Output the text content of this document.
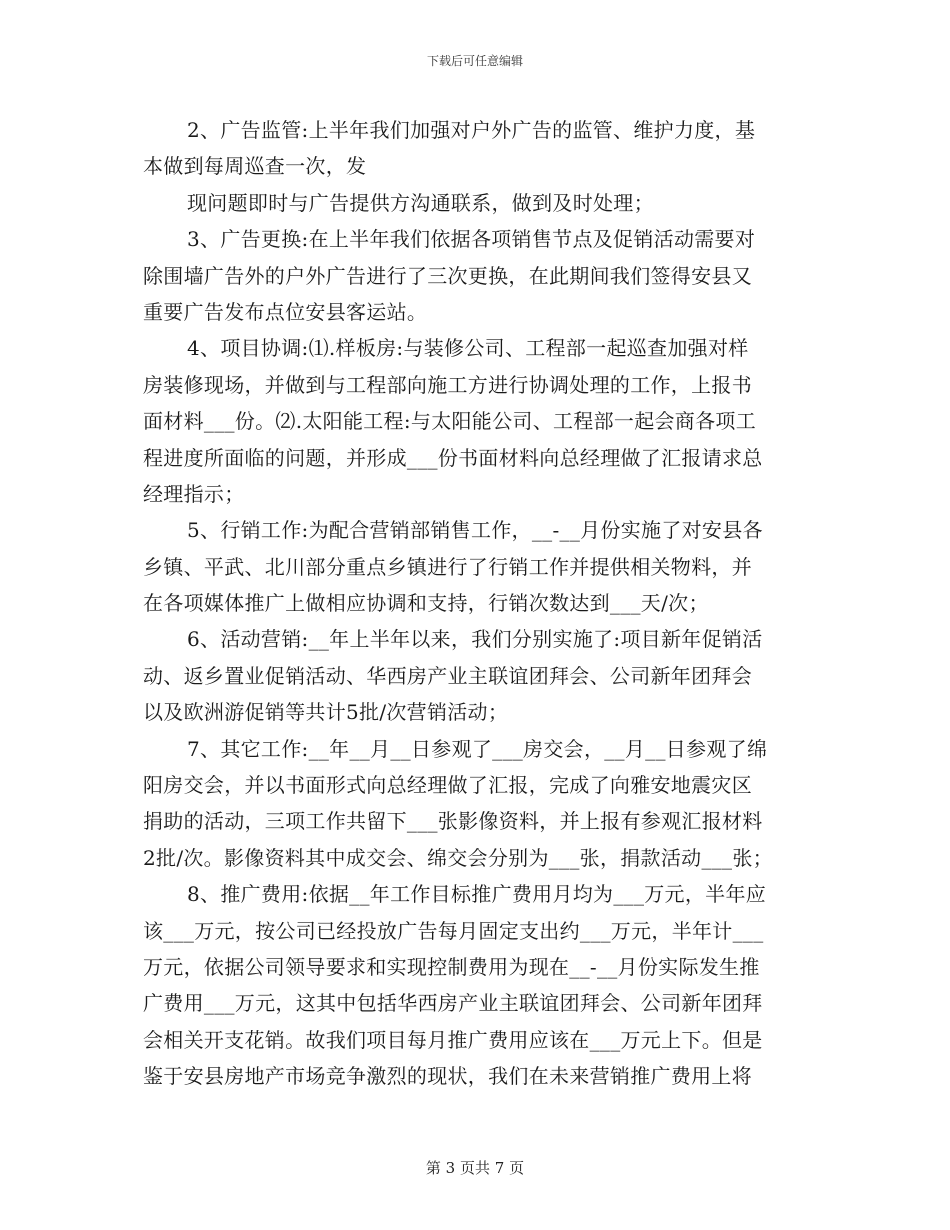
下载后可任意编辑
2、广告监管:上半年我们加强对户外广告的监管、维护力度，基
本做到每周巡查一次，发
现问题即时与广告提供方沟通联系，做到及时处理；
3、广告更换:在上半年我们依据各项销售节点及促销活动需要对
除围墙广告外的户外广告进行了三次更换，在此期间我们签得安县又
重要广告发布点位安县客运站。
4、项目协调:⑴.样板房:与装修公司、工程部一起巡查加强对样
房装修现场，并做到与工程部向施工方进行协调处理的工作，上报书
面材料___份。⑵.太阳能工程:与太阳能公司、工程部一起会商各项工
程进度所面临的问题，并形成___份书面材料向总经理做了汇报请求总
经理指示；
5、行销工作:为配合营销部销售工作，__-__月份实施了对安县各
乡镇、平武、北川部分重点乡镇进行了行销工作并提供相关物料，并
在各项媒体推广上做相应协调和支持，行销次数达到___天/次；
6、活动营销:__年上半年以来，我们分别实施了:项目新年促销活
动、返乡置业促销活动、华西房产业主联谊团拜会、公司新年团拜会
以及欧洲游促销等共计5批/次营销活动；
7、其它工作:__年__月__日参观了___房交会，__月__日参观了绵
阳房交会，并以书面形式向总经理做了汇报，完成了向雅安地震灾区
捐助的活动，三项工作共留下___张影像资料，并上报有参观汇报材料
2批/次。影像资料其中成交会、绵交会分别为___张，捐款活动___张；
8、推广费用:依据__年工作目标推广费用月均为___万元，半年应
该___万元，按公司已经投放广告每月固定支出约___万元，半年计___
万元，依据公司领导要求和实现控制费用为现在__-__月份实际发生推
广费用___万元，这其中包括华西房产业主联谊团拜会、公司新年团拜
会相关开支花销。故我们项目每月推广费用应该在___万元上下。但是
鉴于安县房地产市场竞争激烈的现状，我们在未来营销推广费用上将
第 3 页共 7 页
